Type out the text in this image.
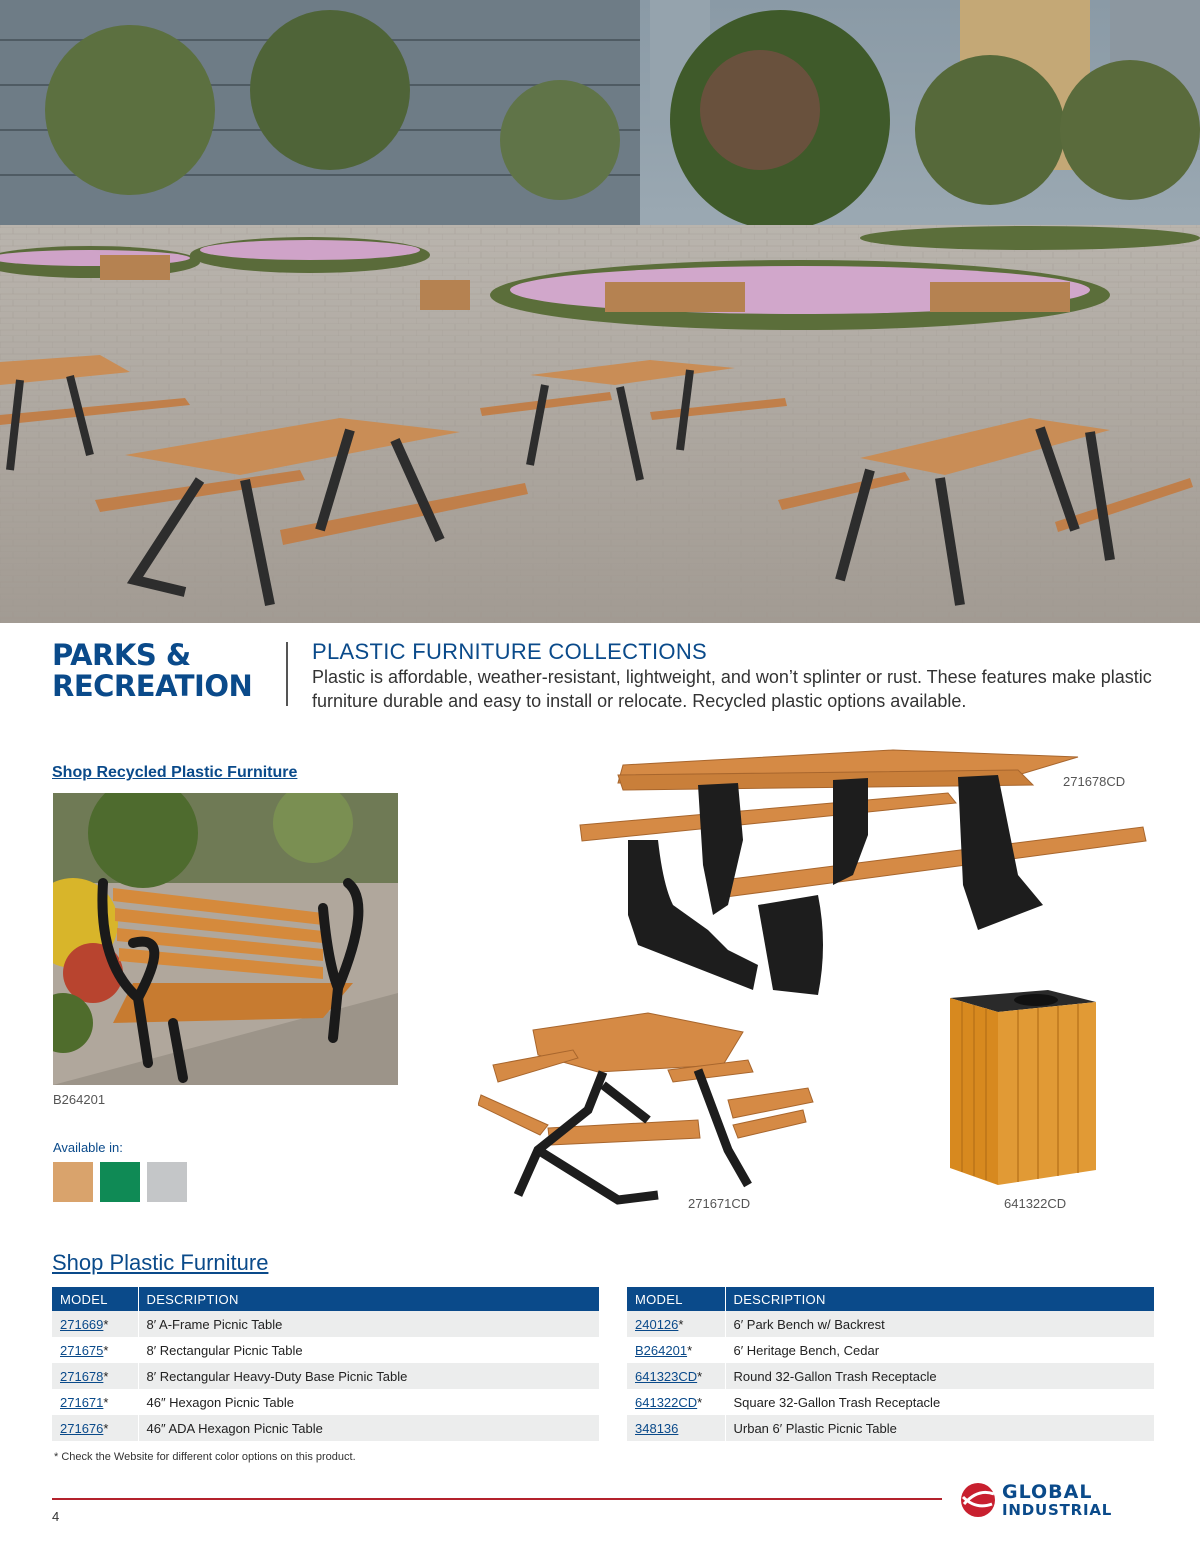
PARKS &
RECREATION
PLASTIC FURNITURE COLLECTIONS
Plastic is affordable, weather-resistant, lightweight, and won’t splinter or rust. These features make plastic furniture durable and easy to install or relocate. Recycled plastic options available.
Shop Recycled Plastic Furniture
B264201
Available in:
271678CD
271671CD	641322CD
Shop Plastic Furniture
MODEL	DESCRIPTION
271669*	8′ A-Frame Picnic Table
271675*	8′ Rectangular Picnic Table
271678*	8′ Rectangular Heavy-Duty Base Picnic Table
271671*	46″ Hexagon Picnic Table
271676*	46″ ADA Hexagon Picnic Table
MODEL	DESCRIPTION
240126*	6′ Park Bench w/ Backrest
B264201*	6′ Heritage Bench, Cedar
641323CD*	Round 32-Gallon Trash Receptacle
641322CD*	Square 32-Gallon Trash Receptacle
348136	Urban 6′ Plastic Picnic Table
* Check the Website for different color options on this product.
4
GLOBAL
INDUSTRIAL
